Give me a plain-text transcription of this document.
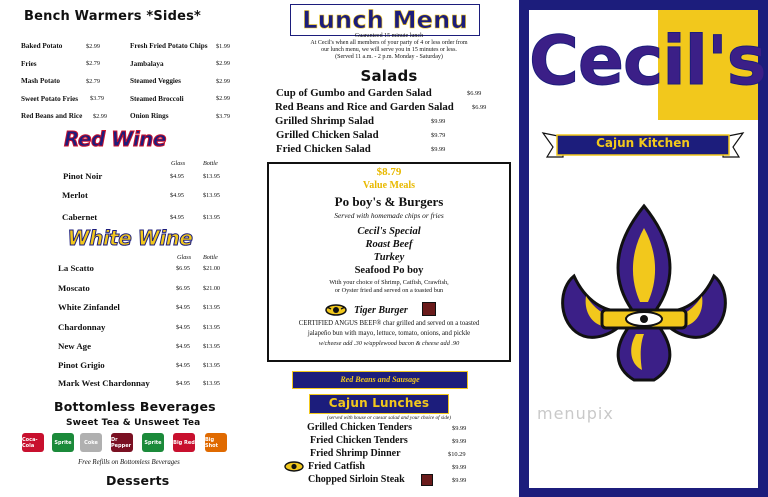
Bench Warmers *Sides*
Baked Potato	$2.99
Fries	$2.79
Mash Potato	$2.79
Sweet Potato Fries $3.79
Red Beans and Rice $2.99
Fresh Fried Potato Chips $1.99
Jambalaya	$2.99
Steamed Veggies	$2.99
Steamed Broccoli	$2.99
Onion Rings	$3.79
Red Wine
Glass	Bottle
Pinot Noir	$4.95	$13.95
Merlot	$4.95	$13.95
Cabernet	$4.95	$13.95
White Wine
Glass Bottle
La Scatto	$6.95 $21.00
Moscato	$6.95 $21.00
White Zinfandel	$4.95 $13.95
Chardonnay	$4.95 $13.95
New Age	$4.95 $13.95
Pinot Grigio	$4.95 $13.95
Mark West Chardonnay	$4.95 $13.95
Bottomless Beverages
Sweet Tea & Unsweet Tea
Coca-Cola	Sprite	Coke	Dr Pepper	Sprite	Big Red Big Shot
Free Refills on Bottomless Beverages
Desserts
Lunch Menu
Guaranteed 15 minute lunch
At Cecil's when all members of your party of 4 or less order from
our lunch menu, we will serve you in 15 minutes or less.
(Served 11 a.m. - 2 p.m. Monday - Saturday)
Salads
Cup of Gumbo and Garden Salad	$6.99
Red Beans and Rice and Garden Salad	$6.99
Grilled Shrimp Salad	$9.99
Grilled Chicken Salad	$9.79
Fried Chicken Salad	$9.99
$8.79
Value Meals
Po boy's & Burgers
Served with homemade chips or fries
Cecil's Special
Roast Beef
Turkey
Seafood Po boy
With your choice of Shrimp, Catfish, Crawfish,
or Oyster fried and served on a toasted bun
Tiger Burger
CERTIFIED ANGUS BEEF® char grilled and served on a toasted
jalapeño bun with mayo, lettuce, tomato, onions, and pickle
w/cheese add .30 w/applewood bacon & cheese add .90
Red Beans and Sausage
Cajun Lunches
(served with house or caesar salad and your choice of side)
Grilled Chicken Tenders	$9.99
Fried Chicken Tenders	$9.99
Fried Shrimp Dinner	$10.29
Fried Catfish	$9.99
Chopped Sirloin Steak	$9.99
Cecil's
Cajun Kitchen
menupix
